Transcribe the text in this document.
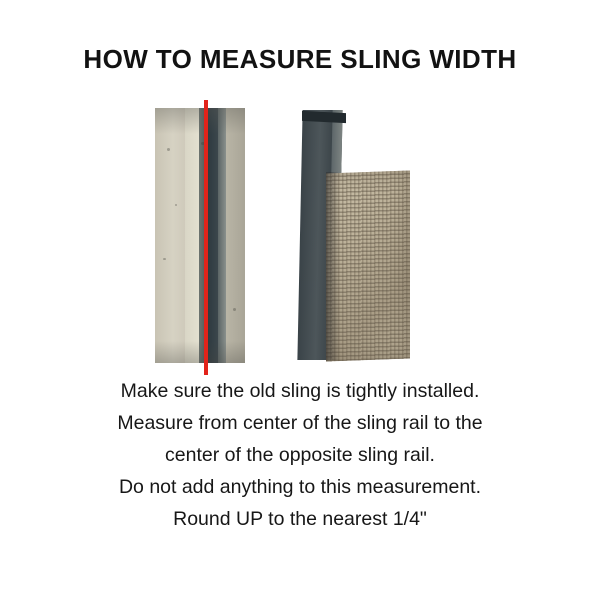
HOW TO MEASURE SLING WIDTH
Make sure the old sling is tightly installed.
Measure from center of the sling rail to the
center of the opposite sling rail.
Do not add anything to this measurement.
Round UP to the nearest 1/4"
